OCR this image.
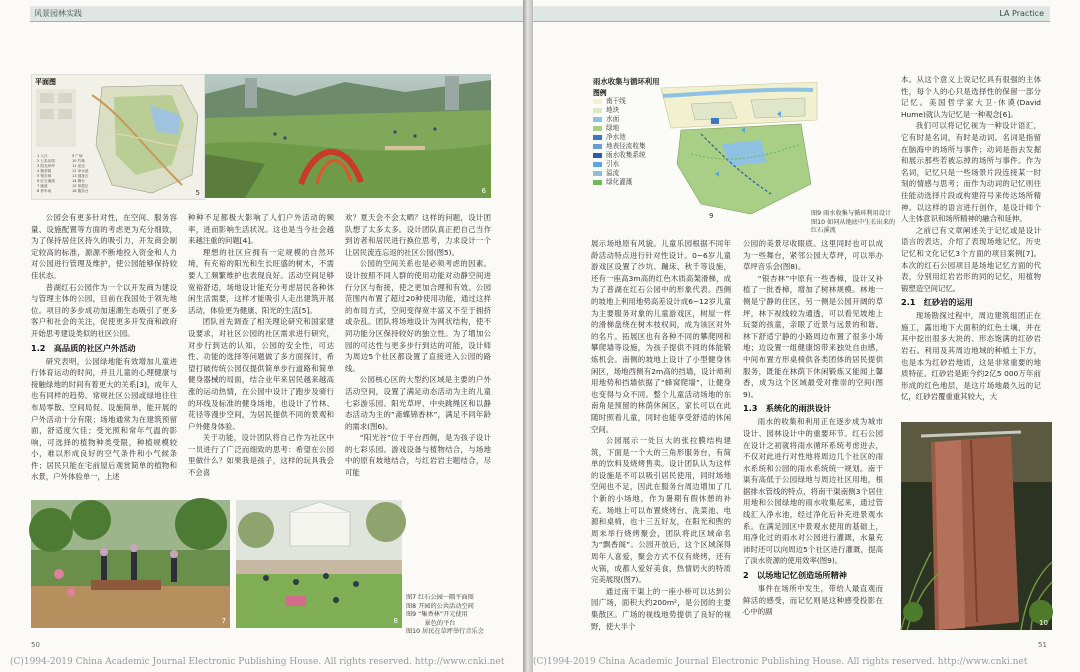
风景园林实践
平面图
1 入口
2 七彩乐园
3 阳光草坪
4 飘香阁
5 银杏林
6 红石溪流
7 跑道
8 停车场
9 广场
10 竹林
11 花径
12 净水池
13 健身区
14 舞台
15 休憩区
16 服务台	5	6

公园会有更多针对性，在空间、服务容量、设施配置等方面的考虑更为充分细致，为了保持居住区持久的吸引力，开发商会制定较高的标准，源源不断地投入资金和人力对公园进行管理及维护，使公园能够保持较佳状态。

普湖红石公园作为一个以开发商为建设与管理主体的公园，目前在我国处于领先地位。项目的多步成功加速潮生态吸引了更多客户和社会的关注，促使更多开发商和政府开始思考建设类似的社区公园。

1.2　高品质的社区户外活动

研究表明，公园绿地能有效增加儿童进行体育运动的时间，并且儿童的心理健康与接触绿地的时间有着更大的关系[3]，成年人也有同样的趋势。常规社区公园或绿地往往布局零散、空间局促、设施简单，能开展的户外活动十分有限；场地通常为在建筑预留面，舒适度欠佳；受光照和常年气温的影响，可选择的植物种类受限，种植规模较小，难以形成良好的空气条件和小气候条件；居民只能在宅前屋后观赏简单的植物和水景，户外体验单一，上述

种种不足都极大影响了人们户外活动的频率，进而影响生活状况。这也是当今社会越来越注重的问题[4]。

理想的社区应拥有一定规模的自然环境，有充裕的阳光和生长旺盛的树木，不需要人工频繁维护也表现良好。活动空间足够宽裕舒适，场地设计能充分考虑居民各种休闲生活需要，这样才能吸引人走出建筑开展活动，体验更为健康、阳光的生活[5]。

团队首先调查了相关理论研究和国家建设要求，对社区公园的社区需求进行研究，对步行到达的认知，公园的安全性，可达性、功能的选择等问题做了多方面探讨，希望打破传统公园仅提供简单步行道路和简单健身器械的局面，结合业年来居民越来越高涨的运动热情，在公园中设计了跑步及骑行的环线及标准的健身场地，也设计了竹林、花径等漫步空间，为居民提供不同的景观和户外健身体验。

关于功能，设计团队将自己作为社区中一员进行了广泛而细致的思考：希望在公园里做什么？如果我是孩子，这样的玩具我会不会喜

欢？夏天会不会太晒？这样的问题，设计团队想了太多太多。设计团队真正把自己当作到访者和居民进行换位思考，力求设计一个让居民流连忘返的社区公园(图5)。

公园的空间关系也是必须考虑的因素。设计按照不同人群的使用功能对动静空间进行分区与衔接，使之更加合理和有效。公园范围内布置了超过20种使用功能，通过这样的布局方式，空间变得宽丰富又不至于拥挤或杂乱。团队将场地设计为网状结构，使不同功能分区保持较好的独立性。为了增加公园的可达性与更多步行到达的可能，设计师为周边5个社区都设置了直接进入公园的路线。

公园核心区的大型约区域是主要的户外活动空间，设置了满足动态活动为主的儿童七彩游乐园、阳光草坪、中央跳绳区和以静态活动为主的“斋蝶锦香林”，满足不同年龄的需求(图6)。

“阳光谷”位于平台西侧，是为孩子设计的七彩乐园。游戏设备与植物结合，与场地中的原有坡地结合，与红岩岩主题结合，尽可能

7	8
图7 红石公园一隅平面图
图8 开园的公共活动空间
图9 “集香林”开元使用
　　　景色的平台
图10 居民在草坪举行音乐会
50
(C)1994-2019 China Academic Journal Electronic Publishing House. All rights reserved. http://www.cnki.net
LA Practice
雨水收集与循环利用
图例
南干线
地块
水面
绿地
净水池
地表径流收集
雨水收集系统
引水
溢流
绿化灌溉
9	图9 雨水收集与循环利用设计
图10 如同从地底中生长出来的红石溪流

展示场地原有风貌。儿童乐园根据不同年龄活动特点进行针对性设计。0~6岁儿童游戏区设置了沙坑、蹦床、秋千等设施，还有一座高3m高的红色木质高架滑梯，成为了普湖在红石公园中的形象代表。西侧的坡地上利用地势高差设计成6~12岁儿童为主要服务对象的儿童游戏区，树屋一样的滑梯盘绕在树木枝权间，成为该区对外的名片。拓展区也有各种不同的攀爬网和攀爬墙等设施，为孩子提供不同的体能锻炼机会。南侧的坡地上设计了小型健身休闲区，场地西侧有2m高的挡墙，设计师利用地势和挡墙依据了“蜂窝爬墙”，让健身也变得与众不同。整个儿童活动场地的东南角是预留的林荫休闲区，家长可以在此随时照看儿童，同时也能享受舒适的休闲空间。

公园展示一处巨大的张拉膜结构建筑，下面是一个大的三角形服务台，有简单的饮料及烧烤售卖。设计团队认为这样的设施是不可以吸引居民使用，同时场地空间也不足，因此在服务台周边增加了几个新的小场地，作为暑期有假休憩的补充。场地上可以布置烧烤台、洗菜池、电源和桌椅，也十三五好友，在阳光和煦的周末举行烧烤聚会，团队将此区域命名为“飘香阁”。公园开放后，这个区域深得周年人喜爱，聚会方式不仅有烧烤，还有火锅，成都人爱好美食，热情奶火的特质完美展现(图7)。

通过南干渠上的一座小桥可以达到公园广场，面积大约200m²，是公园的主要集散区。广场的视线地势提供了良好的视野，使大半个

公园的美景尽收眼底。这里同时也可以成为一些舞台，紧邻公园大草坪，可以举办草坪音乐会(图8)。

“银杏林”中原有一些香樟，设计又补植了一批香樟，增加了树林规模。林地一侧是宁静的住区，另一侧是公园开阔的草坪，林下视线较为通透，可以看见坡地上玩耍的孩童，亲眼了近景与远景的和谐。林下舒适宁静的小路周边布置了很多小场地；边设置一组健康馆带来独处自由感，中间布置方形桌椅供各类团体的居民提供服务，既能在林荫下休闲锻炼又能闻上馨香，成为这个区域最受对推崇的空间(图9)。

1.3　系统化的雨洪设计

雨水的收集和利用正在逐步成为城市设计、园林设计中的重要环节。红石公园在设计之初就将雨水循环系统考虑进去，不仅对此进行对性地将周边几个社区的雨水系统和公园的雨水系统统一规划。南干渠有高低于公园绿地与周边社区用地，根据排水管线的特点，将南干渠南侧3个居住用地和公园绿地的雨水收集起来，通过管线汇入净水池，经过净化后补充进景观水系。在满足园区中景观水使用的基础上，用净化过的雨水对公园进行灌溉，水量充沛时还可以向周边5个社区进行灌溉，提高了淡水资源的使用效率(图9)。

2　以场地记忆创造场所精神

事件在场所中发生，带给人最直观而鲜活的感受，而记忆则是这种感受投影在心中的副

本。从这个意义上说记忆具有很强的主体性，每个人的心只是选择性的保留一部分记忆。美国哲学家大卫·休谟(David Hume)就认为记忆是一种观念[6]。

我们可以将记忆视为一种设计语汇，它有时是名词，有时是动词。名词是指留在脑海中的场所与事件；动词是指去发掘和展示那些若被忘掉的场所与事件。作为名词，记忆只是一些场景片段连接某一时刻的情感与思考；而作为动词的记忆则往往能动选择片段或构建符号来传达场所精神。以这样的语言进行创作，是设计师个人主体意识和场所精神的融合和延伸。

之前已有文章阐述关于记忆或是设计语言的表达，介绍了表现场地记忆，历史记忆和文化记忆3个方面的项目案例[7]。本次的红石公园项目是场地记忆方面的代表，分别用红岩岩形的同的记忆，用植物锻塑造空间记忆。

2.1　红砂岩的运用

现场勘探过程中，周边建筑组团正在施工，露出地下大面积的红色土壤，并在其中挖出很多大块的、形态饱满的红砂岩岩石。利用及其周边地域的种植土下方，也是本为红砂岩地质，这是非常重要的地质特征。红砂岩是距今约2亿5 000万年前形成的红色地层，是这片场地最久远的记忆，红砂岩覆重重其较大，大

10
51
(C)1994-2019 China Academic Journal Electronic Publishing House. All rights reserved. http://www.cnki.net
